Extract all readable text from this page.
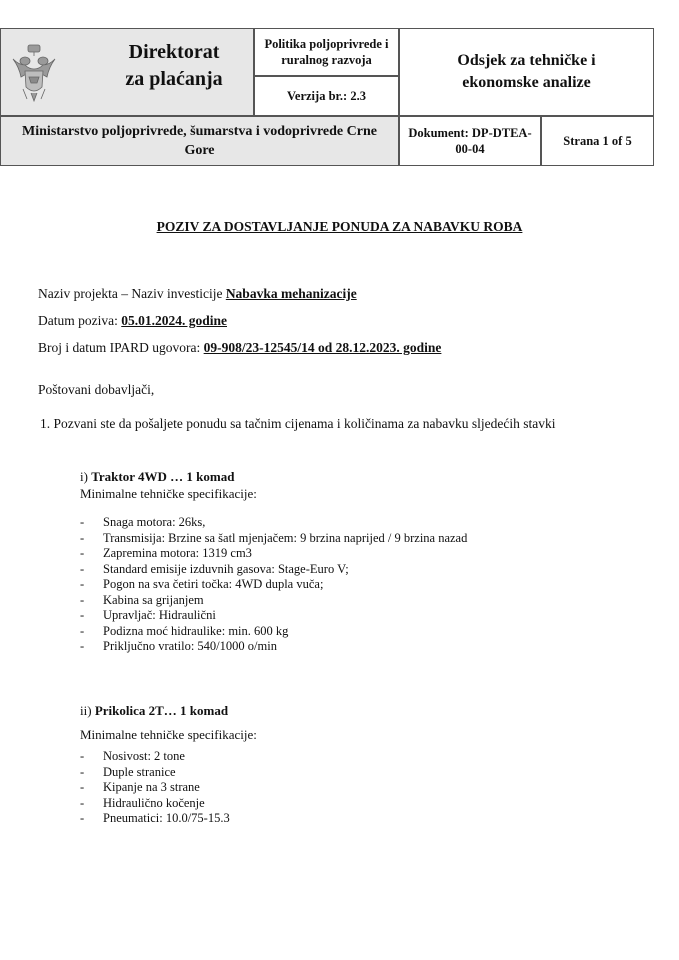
Direktorat
za plaćanja
Politika poljoprivrede i
ruralnog razvoja
Verzija br.: 2.3
Odsjek za tehničke i
ekonomske analize
Ministarstvo poljoprivrede, šumarstva i vodoprivrede Crne
Gore
Dokument: DP-DTEA-
00-04
Strana 1 of 5
POZIV ZA DOSTAVLJANJE PONUDA ZA NABAVKU ROBA
Naziv projekta – Naziv investicije Nabavka mehanizacije
Datum poziva: 05.01.2024. godine
Broj i datum IPARD ugovora: 09-908/23-12545/14 od 28.12.2023. godine
Poštovani dobavljači,
1. Pozvani ste da pošaljete ponudu sa tačnim cijenama i količinama za nabavku sljedećih stavki
i) Traktor 4WD … 1 komad
Minimalne tehničke specifikacije:
- Snaga motora: 26ks,
- Transmisija: Brzine sa šatl mjenjačem: 9 brzina naprijed / 9 brzina nazad
- Zapremina motora: 1319 cm3
- Standard emisije izduvnih gasova: Stage-Euro V;
- Pogon na sva četiri točka: 4WD dupla vuča;
- Kabina sa grijanjem
- Upravljač: Hidraulični
- Podizna moć hidraulike: min. 600 kg
- Priključno vratilo: 540/1000 o/min
ii) Prikolica 2T… 1 komad
Minimalne tehničke specifikacije:
- Nosivost: 2 tone
- Duple stranice
- Kipanje na 3 strane
- Hidraulično kočenje
- Pneumatici: 10.0/75-15.3
